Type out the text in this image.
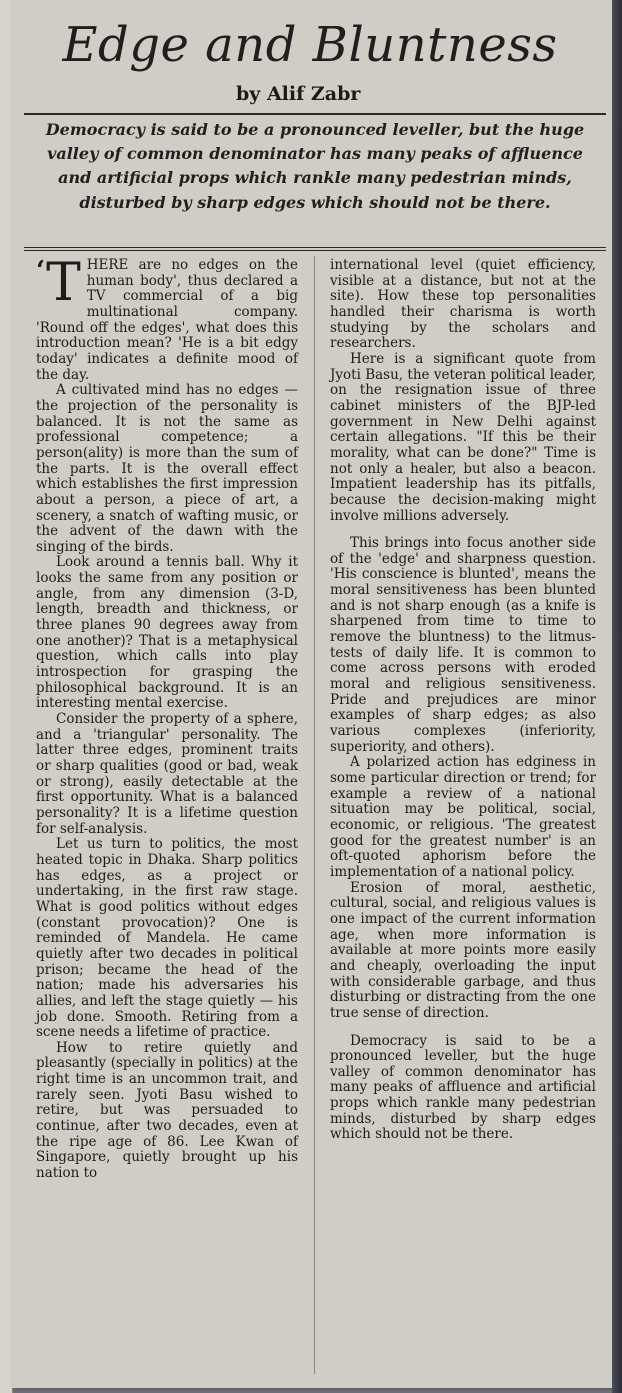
Edge and Bluntness
by Alif Zabr

Democracy is said to be a pronounced leveller, but the huge valley of common denominator has many peaks of affluence and artificial props which rankle many pedestrian minds, disturbed by sharp edges which should not be there.

‘ T HERE are no edges on the human body', thus declared a TV commercial of a big multinational company. 'Round off the edges', what does this introduction mean? 'He is a bit edgy today' indicates a definite mood of the day.

A cultivated mind has no edges — the projection of the personality is balanced. It is not the same as professional competence; a person(ality) is more than the sum of the parts. It is the overall effect which establishes the first impression about a person, a piece of art, a scenery, a snatch of wafting music, or the advent of the dawn with the singing of the birds.

Look around a tennis ball. Why it looks the same from any position or angle, from any dimension (3-D, length, breadth and thickness, or three planes 90 degrees away from one another)? That is a metaphysical question, which calls into play introspection for grasping the philosophical background. It is an interesting mental exercise.

Consider the property of a sphere, and a 'triangular' personality. The latter three edges, prominent traits or sharp qualities (good or bad, weak or strong), easily detectable at the first opportunity. What is a balanced personality? It is a lifetime question for self-analysis.

Let us turn to politics, the most heated topic in Dhaka. Sharp politics has edges, as a project or undertaking, in the first raw stage. What is good politics without edges (constant provocation)? One is reminded of Mandela. He came quietly after two decades in political prison; became the head of the nation; made his adversaries his allies, and left the stage quietly — his job done. Smooth. Retiring from a scene needs a lifetime of practice.

How to retire quietly and pleasantly (specially in politics) at the right time is an uncommon trait, and rarely seen. Jyoti Basu wished to retire, but was persuaded to continue, after two decades, even at the ripe age of 86. Lee Kwan of Singapore, quietly brought up his nation to

international level (quiet efficiency, visible at a distance, but not at the site). How these top personalities handled their charisma is worth studying by the scholars and researchers.

Here is a significant quote from Jyoti Basu, the veteran political leader, on the resignation issue of three cabinet ministers of the BJP-led government in New Delhi against certain allegations. "If this be their morality, what can be done?" Time is not only a healer, but also a beacon. Impatient leadership has its pitfalls, because the decision-making might involve millions adversely.

This brings into focus another side of the 'edge' and sharpness question. 'His conscience is blunted', means the moral sensitiveness has been blunted and is not sharp enough (as a knife is sharpened from time to time to remove the bluntness) to the litmus-tests of daily life. It is common to come across persons with eroded moral and religious sensitiveness. Pride and prejudices are minor examples of sharp edges; as also various complexes (inferiority, superiority, and others).

A polarized action has edginess in some particular direction or trend; for example a review of a national situation may be political, social, economic, or religious. 'The greatest good for the greatest number' is an oft-quoted aphorism before the implementation of a national policy.

Erosion of moral, aesthetic, cultural, social, and religious values is one impact of the current information age, when more information is available at more points more easily and cheaply, overloading the input with considerable garbage, and thus disturbing or distracting from the one true sense of direction.

Democracy is said to be a pronounced leveller, but the huge valley of common denominator has many peaks of affluence and artificial props which rankle many pedestrian minds, disturbed by sharp edges which should not be there.
